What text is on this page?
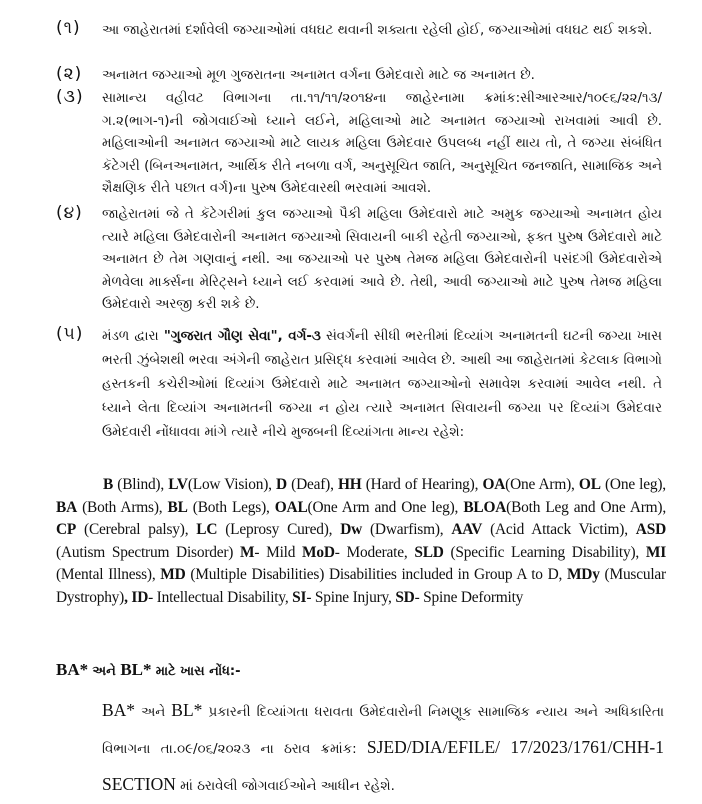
(૧) આ જાહેરાતમાં દર્શાવેલી જગ્યાઓમાં વધઘટ થવાની શક્યતા રહેલી હોઈ, જગ્યાઓમાં વધઘટ થઈ શકશે.
(૨) અનામત જગ્યાઓ મૂળ ગુજરાતના અનામત વર્ગના ઉમેદવારો માટે જ અનામત છે.
(૩) સામાન્ય વહીવટ વિભાગના તા.૧૧/૧૧/૨૦૧૪ના જાહેરનામા ક્રમાંક:સીઆરઆર/૧૦૯૬/૨૨/૧૩/ગ.૨(ભાગ-૧)ની જોગવાઈઓ ધ્યાને લઈને, મહિલાઓ માટે અનામત જગ્યાઓ રાખવામાં આવી છે. મહિલાઓની અનામત જગ્યાઓ માટે લાયક મહિલા ઉમેદવાર ઉપલબ્ધ નહીં થાય તો, તે જગ્યા સંબંધિત કૅટેગરી (બિનઅનામત, આર્થિક રીતે નબળા વર્ગ, અનુસૂચિત જાતિ, અનુસૂચિત જનજાતિ, સામાજિક અને શૈક્ષણિક રીતે પછાત વર્ગ)ના પુરુષ ઉમેદવારથી ભરવામાં આવશે.
(૪) જાહેરાતમાં જે તે કૅટેગરીમાં કુલ જગ્યાઓ પૈકી મહિલા ઉમેદવારો માટે અમુક જગ્યાઓ અનામત હોય ત્યારે મહિલા ઉમેદવારોની અનામત જગ્યાઓ સિવાયની બાકી રહેતી જગ્યાઓ, ફક્ત પુરુષ ઉમેદવારો માટે અનામત છે તેમ ગણવાનું નથી. આ જગ્યાઓ પર પુરુષ તેમજ મહિલા ઉમેદવારોની પસંદગી ઉમેદવારોએ મેળવેલા માર્ક્સના મેરિટ્સને ધ્યાને લઈ કરવામાં આવે છે. તેથી, આવી જગ્યાઓ માટે પુરુષ તેમજ મહિલા ઉમેદવારો અરજી કરી શકે છે.
(૫) મંડળ દ્વારા "ગુજરાત ગૌણ સેવા", વર્ગ-૩ સંવર્ગની સીધી ભરતીમાં દિવ્યાંગ અનામતની ઘટની જગ્યા ખાસ ભરતી ઝુંબેશથી ભરવા અંગેની જાહેરાત પ્રસિદ્ધ કરવામાં આવેલ છે. આથી આ જાહેરાતમાં કેટલાક વિભાગો હસ્તકની કચેરીઓમાં દિવ્યાંગ ઉમેદવારો માટે અનામત જગ્યાઓનો સમાવેશ કરવામાં આવેલ નથી. તે ધ્યાને લેતા દિવ્યાંગ અનામતની જગ્યા ન હોય ત્યારે અનામત સિવાયની જગ્યા પર દિવ્યાંગ ઉમેદવાર ઉમેદવારી નોંધાવવા માંગે ત્યારે નીચે મુજબની દિવ્યાંગતા માન્ય રહેશે:
B (Blind), LV(Low Vision), D (Deaf), HH (Hard of Hearing), OA(One Arm), OL (One leg), BA (Both Arms), BL (Both Legs), OAL(One Arm and One leg), BLOA(Both Leg and One Arm), CP (Cerebral palsy), LC (Leprosy Cured), Dw (Dwarfism), AAV (Acid Attack Victim), ASD (Autism Spectrum Disorder) M- Mild MoD- Moderate, SLD (Specific Learning Disability), MI (Mental Illness), MD (Multiple Disabilities) Disabilities included in Group A to D, MDy (Muscular Dystrophy), ID- Intellectual Disability, SI- Spine Injury, SD- Spine Deformity
BA* અને BL* માટે ખાસ નોંધ:-
BA* અને BL* પ્રકારની દિવ્યાંગતા ધરાવતા ઉમેદવારોની નિમણૂક સામાજિક ન્યાય અને અધિકારિતા વિભાગના તા.૦૯/૦૬/૨૦૨૩ ના ઠરાવ ક્રમાંક: SJED/DIA/EFILE/ 17/2023/1761/CHH-1 SECTION માં ઠરાવેલી જોગવાઈઓને આધીન રહેશે.
